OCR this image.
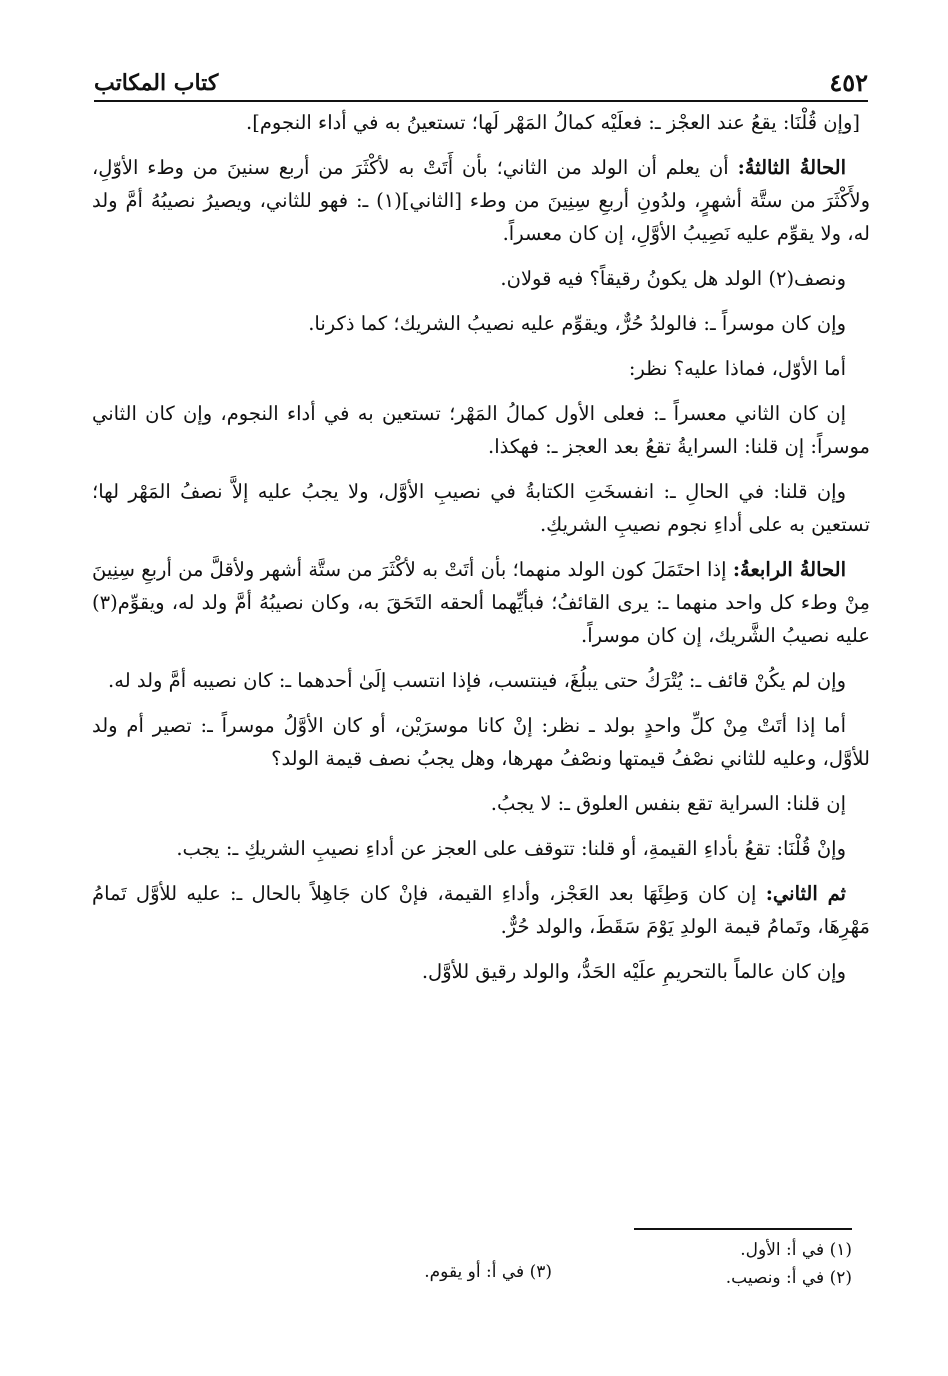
٤٥٢
كتاب المكاتب

[وإن قُلْنَا: يقعُ عند العجْز ـ: فعلَيْه كمالُ المَهْر لَها؛ تستعينُ به في أداء النجوم].

الحالةُ الثالثةُ: أن يعلم أن الولد من الثاني؛ بأن أَتَتْ به لأكْثَرَ من أربع سنينَ من وطء الأوّلِ، ولأَكْثَرَ من ستَّة أشهرٍ، ولدُونِ أربعِ سِنِينَ من وطء [الثاني](١) ـ: فهو للثاني، ويصيرُ نصيبُهُ أمَّ ولد له، ولا يقوِّم عليه نَصِيبُ الأوَّلِ، إن كان معسراً.

ونصف(٢) الولد هل يكونُ رقيقاً؟ فيه قولان.

وإن كان موسراً ـ: فالولدُ حُرٌّ، ويقوِّم عليه نصيبُ الشريك؛ كما ذكرنا.

أما الأوّل، فماذا عليه؟ نظر:

إن كان الثاني معسراً ـ: فعلى الأول كمالُ المَهْر؛ تستعين به في أداء النجوم، وإن كان الثاني موسراً: إن قلنا: السرايةُ تقعُ بعد العجز ـ: فهكذا.

وإن قلنا: في الحالِ ـ: انفسخَتِ الكتابةُ في نصيبِ الأوَّل، ولا يجبُ عليه إلاَّ نصفُ المَهْر لها؛ تستعين به على أداءِ نجوم نصيبِ الشريكِ.

الحالةُ الرابعةُ: إذا احتَمَلَ كون الولد منهما؛ بأن أتَتْ به لأكْثَرَ من ستَّة أشهر ولأقلَّ من أربعِ سِنِينَ مِنْ وطء كل واحد منهما ـ: يرى القائفُ؛ فبأيِّهما ألحقه التَحَقَ به، وكان نصيبُهُ أمَّ ولد له، ويقوِّم(٣) عليه نصيبُ الشَّريك، إن كان موسراً.

وإن لم يكُنْ قائف ـ: يُتْرَكُ حتى يبلُغَ، فينتسب، فإذا انتسب إلَىٰ أحدهما ـ: كان نصيبه أمَّ ولد له.

أما إذا أتَتْ مِنْ كلِّ واحدٍ بولد ـ نظر: إنْ كانا موسرَيْن، أو كان الأوَّلُ موسراً ـ: تصير أم ولد للأوَّل، وعليه للثاني نصْفُ قيمتها ونصْفُ مهرها، وهل يجبُ نصف قيمة الولد؟

إن قلنا: السراية تقع بنفس العلوق ـ: لا يجبُ.

وإنْ قُلْنَا: تقعُ بأداءِ القيمةِ، أو قلنا: تتوقف على العجز عن أداءِ نصيبِ الشريكِ ـ: يجب.

ثم الثاني: إن كان وَطِئَهَا بعد العَجْز، وأداءِ القيمة، فإنْ كان جَاهِلاً بالحال ـ: عليه للأوَّل تَمامُ مَهْرِهَا، وتَمامُ قيمة الولدِ يَوْمَ سَقَطَ، والولد حُرٌّ.

وإن كان عالماً بالتحريمِ علَيْه الحَدُّ، والولد رقيق للأوَّل.

(١) في أ: الأول.
(٢) في أ: ونصيب.
(٣) في أ: أو يقوم.
